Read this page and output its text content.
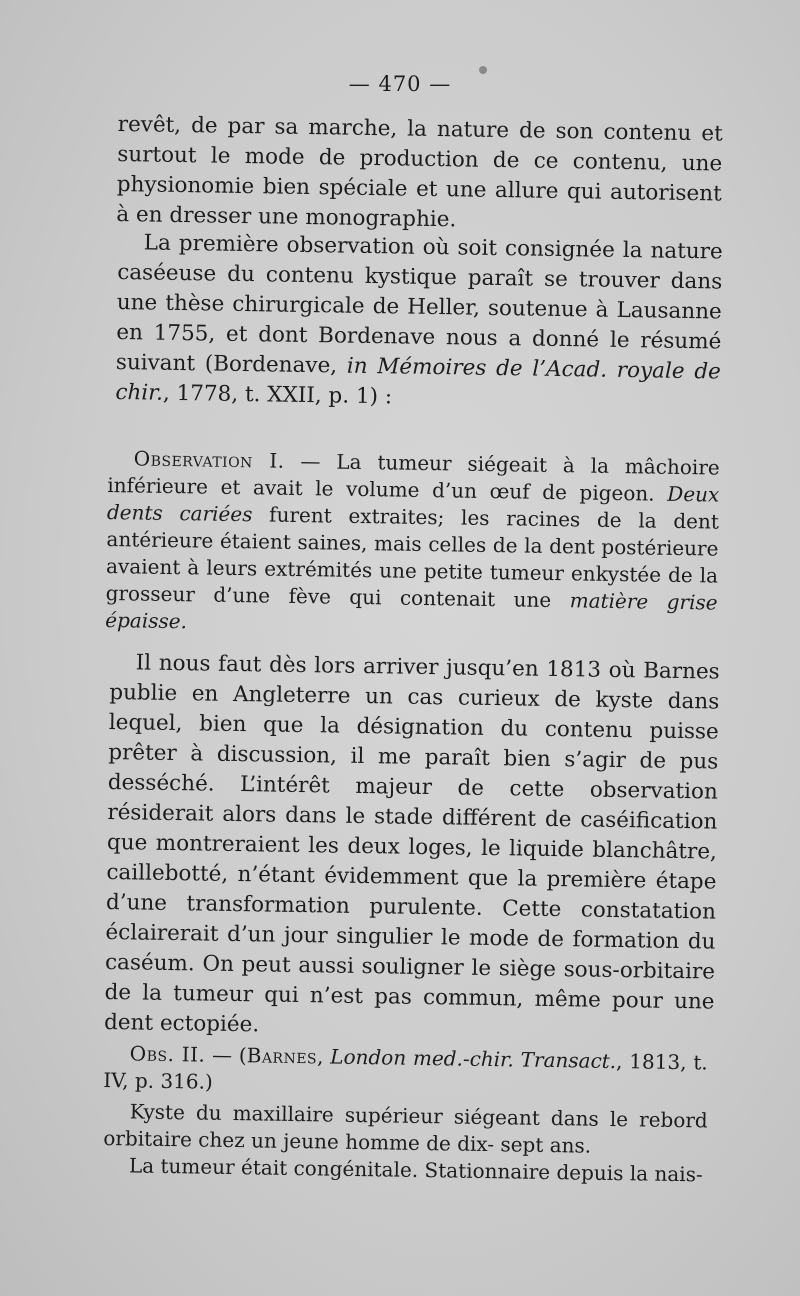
— 470 —

revêt, de par sa marche, la nature de son contenu et surtout le mode de production de ce contenu, une physionomie bien spéciale et une allure qui autorisent à en dresser une monographie.

La première observation où soit consignée la nature caséeuse du contenu kystique paraît se trouver dans une thèse chirurgicale de Heller, soutenue à Lausanne en 1755, et dont Bordenave nous a donné le résumé suivant (Bordenave, in Mémoires de l’Acad. royale de chir., 1778, t. XXII, p. 1) :

Observation I. — La tumeur siégeait à la mâchoire inférieure et avait le volume d’un œuf de pigeon. Deux dents cariées furent extraites; les racines de la dent antérieure étaient saines, mais celles de la dent postérieure avaient à leurs extrémités une petite tumeur enkystée de la grosseur d’une fève qui contenait une matière grise épaisse.

Il nous faut dès lors arriver jusqu’en 1813 où Barnes publie en Angleterre un cas curieux de kyste dans lequel, bien que la désignation du contenu puisse prêter à discussion, il me paraît bien s’agir de pus desséché. L’intérêt majeur de cette observation résiderait alors dans le stade différent de caséification que montreraient les deux loges, le liquide blanchâtre, caillebotté, n’étant évidemment que la première étape d’une transformation purulente. Cette constatation éclairerait d’un jour singulier le mode de formation du caséum. On peut aussi souligner le siège sous-orbitaire de la tumeur qui n’est pas commun, même pour une dent ectopiée.

Obs. II. — (Barnes, London med.-chir. Transact., 1813, t. IV, p. 316.)

Kyste du maxillaire supérieur siégeant dans le rebord orbitaire chez un jeune homme de dix- sept ans.
La tumeur était congénitale. Stationnaire depuis la nais-
